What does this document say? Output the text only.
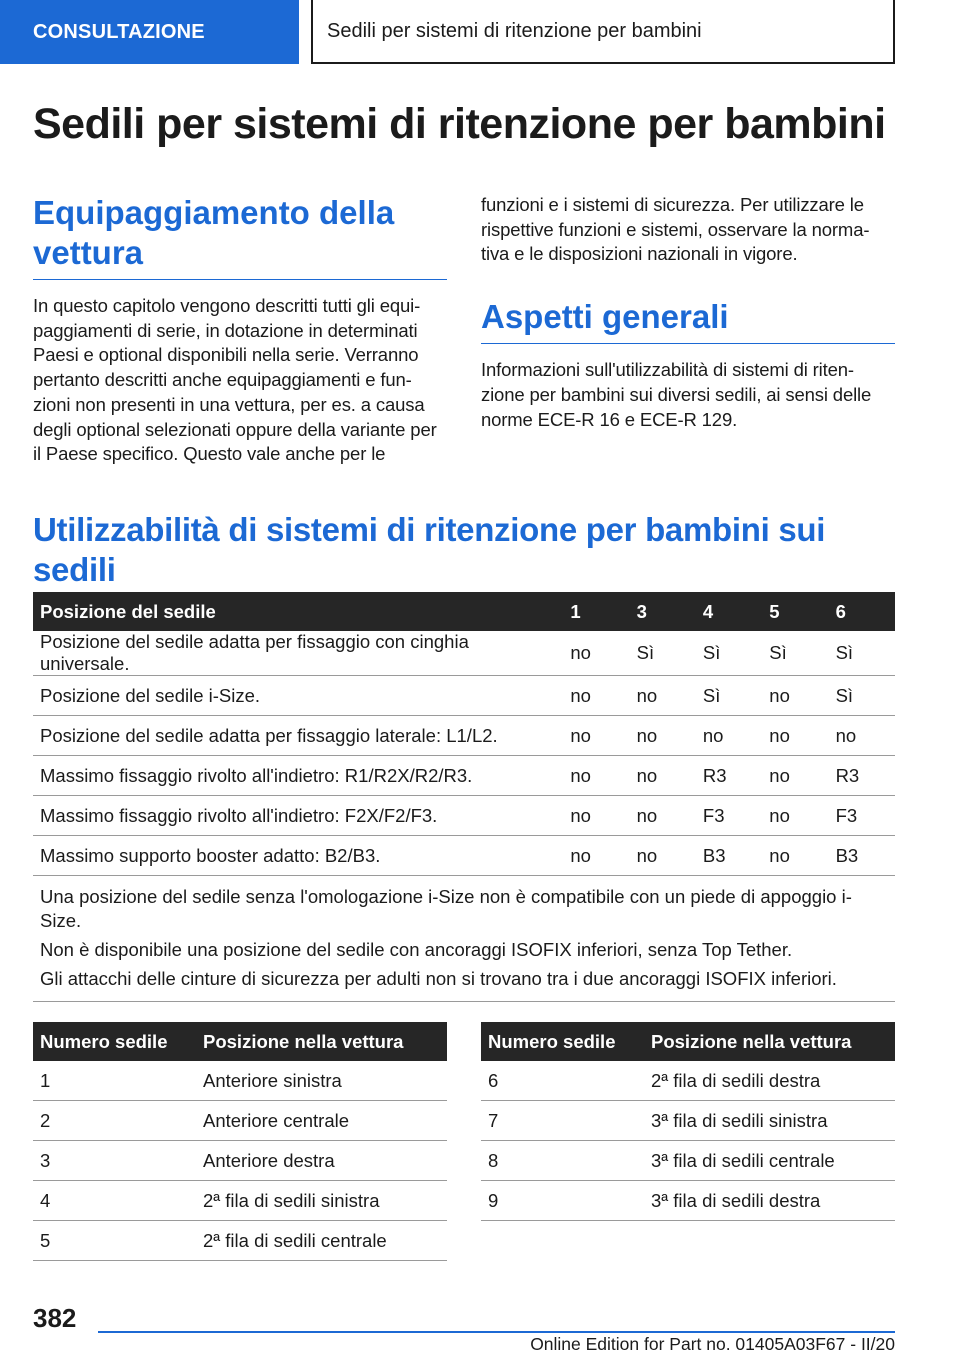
CONSULTAZIONE	Sedili per sistemi di ritenzione per bambini
Sedili per sistemi di ritenzione per bambini
Equipaggiamento della vettura

In questo capitolo vengono descritti tutti gli equi-paggiamenti di serie, in dotazione in determinati Paesi e optional disponibili nella serie. Verranno pertanto descritti anche equipaggiamenti e fun-zioni non presenti in una vettura, per es. a causa degli optional selezionati oppure della variante per il Paese specifico. Questo vale anche per le

funzioni e i sistemi di sicurezza. Per utilizzare le rispettive funzioni e sistemi, osservare la norma-tiva e le disposizioni nazionali in vigore.

Aspetti generali

Informazioni sull'utilizzabilità di sistemi di riten-zione per bambini sui diversi sedili, ai sensi delle norme ECE-R 16 e ECE-R 129.

Utilizzabilità di sistemi di ritenzione per bambini sui sedili
Posizione del sedile	1	3	4	5	6
Posizione del sedile adatta per fissaggio con cinghia universale.	no	Sì	Sì	Sì	Sì
Posizione del sedile i-Size.	no	no	Sì	no	Sì
Posizione del sedile adatta per fissaggio laterale: L1/L2.	no	no	no	no	no
Massimo fissaggio rivolto all'indietro: R1/R2X/R2/R3.	no	no	R3	no	R3
Massimo fissaggio rivolto all'indietro: F2X/F2/F3.	no	no	F3	no	F3
Massimo supporto booster adatto: B2/B3.	no	no	B3	no	B3

Una posizione del sedile senza l'omologazione i-Size non è compatibile con un piede di appoggio i-Size.

Non è disponibile una posizione del sedile con ancoraggi ISOFIX inferiori, senza Top Tether.

Gli attacchi delle cinture di sicurezza per adulti non si trovano tra i due ancoraggi ISOFIX inferiori.					

Numero sedile	Posizione nella vettura
1	Anteriore sinistra
2	Anteriore centrale
3	Anteriore destra
4	2ª fila di sedili sinistra
5	2ª fila di sedili centrale
Numero sedile	Posizione nella vettura
6	2ª fila di sedili destra
7	3ª fila di sedili sinistra
8	3ª fila di sedili centrale
9	3ª fila di sedili destra
382
Online Edition for Part no. 01405A03F67 - II/20
